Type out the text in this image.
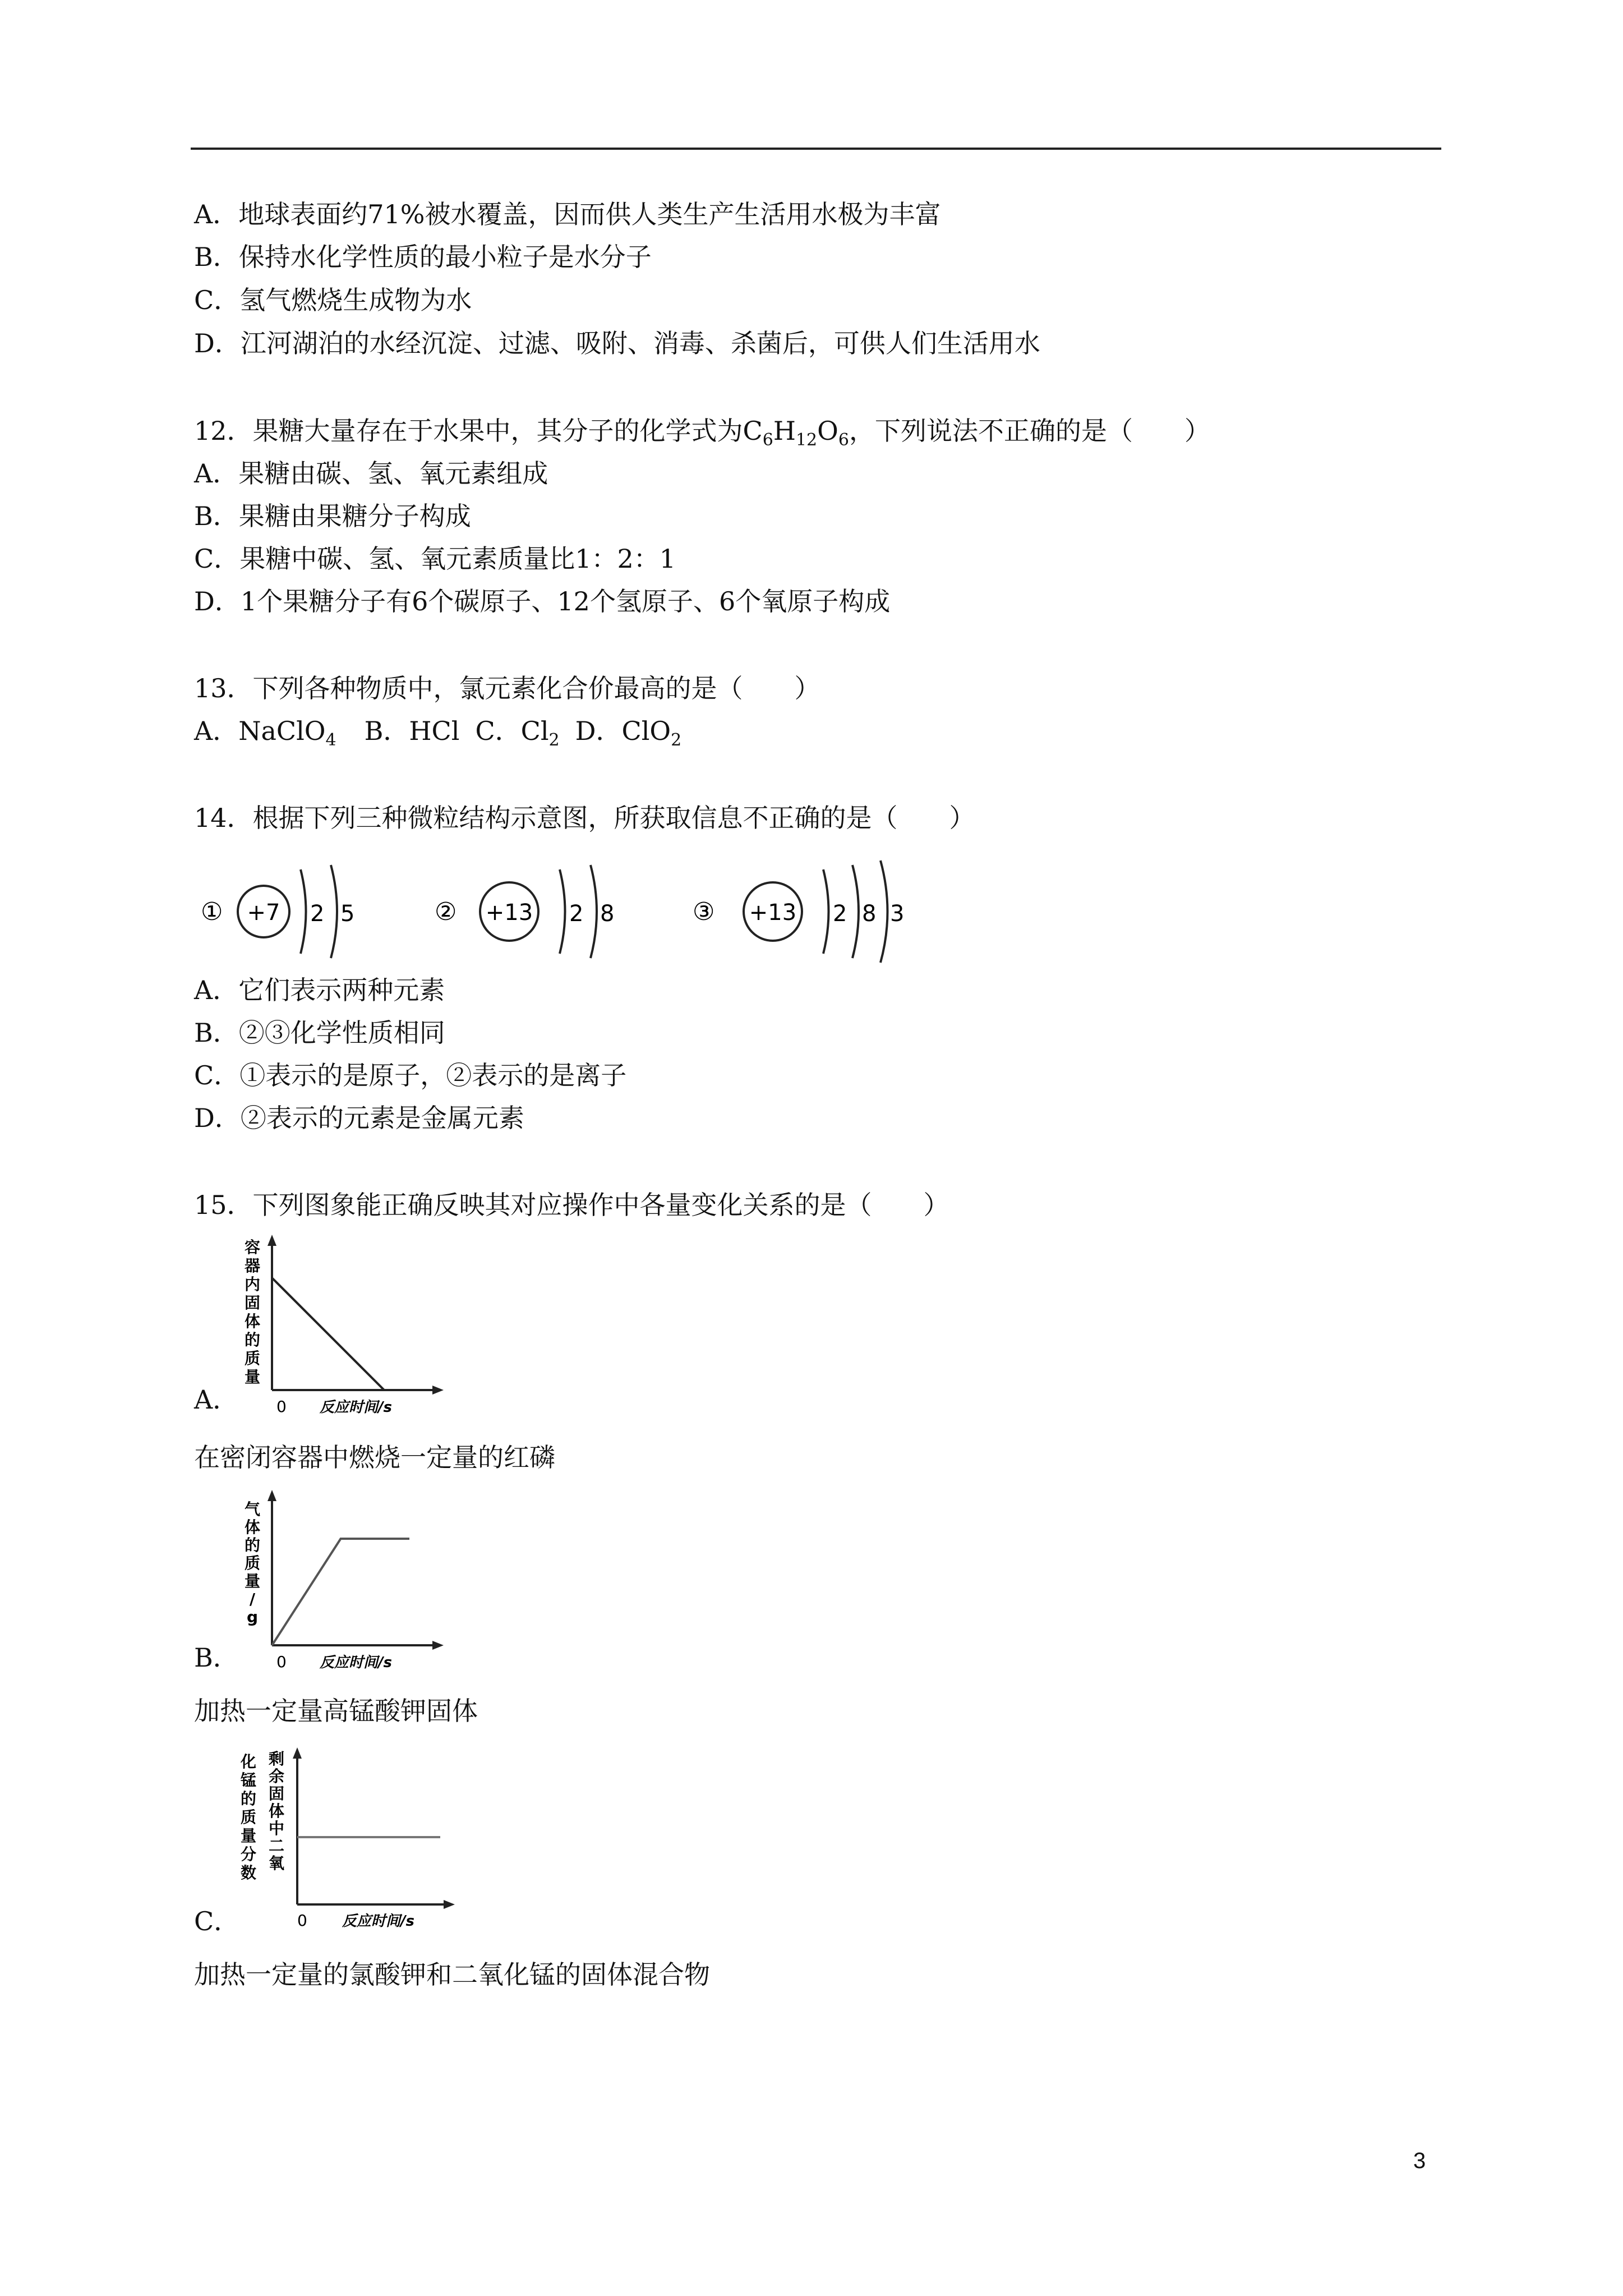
A．地球表面约71%被水覆盖，因而供人类生产生活用水极为丰富
B．保持水化学性质的最小粒子是水分子
C．氢气燃烧生成物为水
D．江河湖泊的水经沉淀、过滤、吸附、消毒、杀菌后，可供人们生活用水
12．果糖大量存在于水果中，其分子的化学式为$C_6H_{12}O_6$，下列说法不正确的是（　　）
A．果糖由碳、氢、氧元素组成
B．果糖由果糖分子构成
C．果糖中碳、氢、氧元素质量比1：2：1
D．1个果糖分子有6个碳原子、12个氢原子、6个氧原子构成
13．下列各种物质中，氯元素化合价最高的是（　　）
A．NaClO$_4$ B．HCl C．$Cl_2$ D．ClO$_2$
14．根据下列三种微粒结构示意图，所获取信息不正确的是（　　）
① +7 2 5	② +13 2 8	③ +13 2 8 3
A．它们表示两种元素
B．②③化学性质相同
C．①表示的是原子，②表示的是离子
D．②表示的元素是金属元素
15．下列图象能正确反映其对应操作中各量变化关系的是（　　）
容
器
内
固
体
的
质
量
0 反应时间/s
A．
在密闭容器中燃烧一定量的红磷
气
体
的
质
量
/
g
0 反应时间/s
B．
加热一定量高锰酸钾固体
化
锰
的
质
量
分
数
剩
余
固
体
中
二
氧
0 反应时间/s
C．
加热一定量的氯酸钾和二氧化锰的固体混合物
3
